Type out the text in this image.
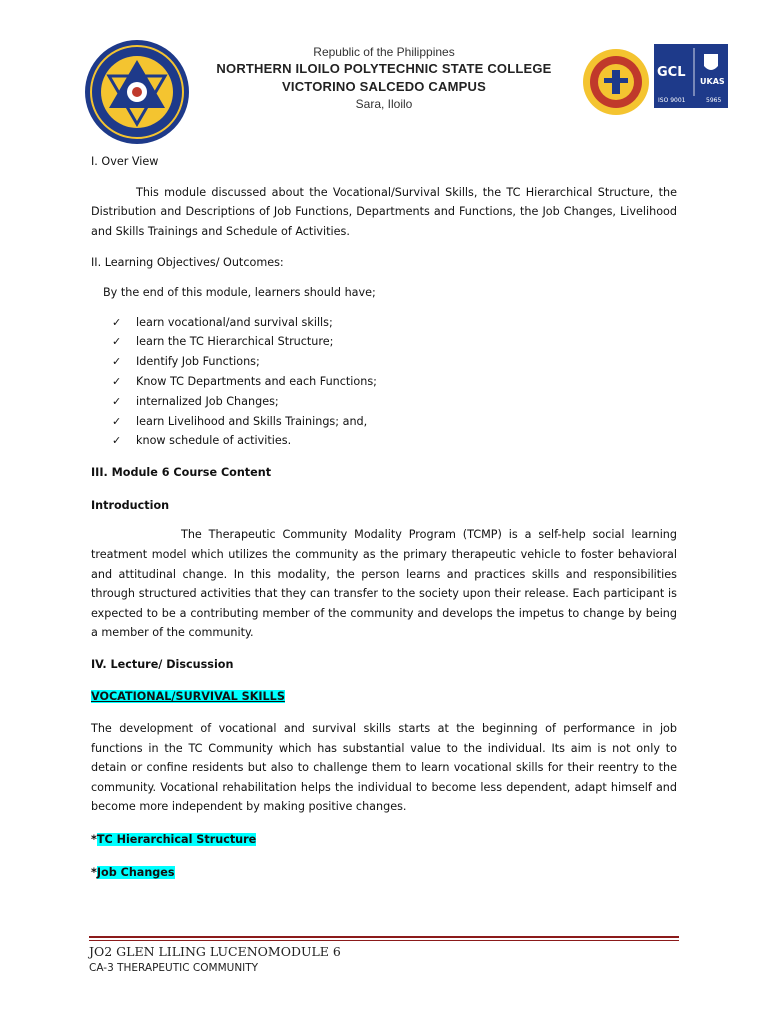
Republic of the Philippines
NORTHERN ILOILO POLYTECHNIC STATE COLLEGE
VICTORINO SALCEDO CAMPUS
Sara, Iloilo
GCL
ISO 9001
UKAS
5965

I. Over View

This module discussed about the Vocational/Survival Skills, the TC Hierarchical Structure, the Distribution and Descriptions of Job Functions, Departments and Functions, the Job Changes, Livelihood and Skills Trainings and Schedule of Activities.

II. Learning Objectives/ Outcomes:

By the end of this module, learners should have;

✓ learn vocational/and survival skills;
✓ learn the TC Hierarchical Structure;
✓ Identify Job Functions;
✓ Know TC Departments and each Functions;
✓ internalized Job Changes;
✓ learn Livelihood and Skills Trainings; and,
✓ know schedule of activities.

III. Module 6 Course Content

Introduction

The Therapeutic Community Modality Program (TCMP) is a self-help social learning treatment model which utilizes the community as the primary therapeutic vehicle to foster behavioral and attitudinal change. In this modality, the person learns and practices skills and responsibilities through structured activities that they can transfer to the society upon their release. Each participant is expected to be a contributing member of the community and develops the impetus to change by being a member of the community.

IV. Lecture/ Discussion

VOCATIONAL/SURVIVAL SKILLS

The development of vocational and survival skills starts at the beginning of performance in job functions in the TC Community which has substantial value to the individual. Its aim is not only to detain or confine residents but also to challenge them to learn vocational skills for their reentry to the community. Vocational rehabilitation helps the individual to become less dependent, adapt himself and become more independent by making positive changes.

*TC Hierarchical Structure

*Job Changes

JO2 GLEN LILING LUCENOMODULE 6
CA-3 THERAPEUTIC COMMUNITY
